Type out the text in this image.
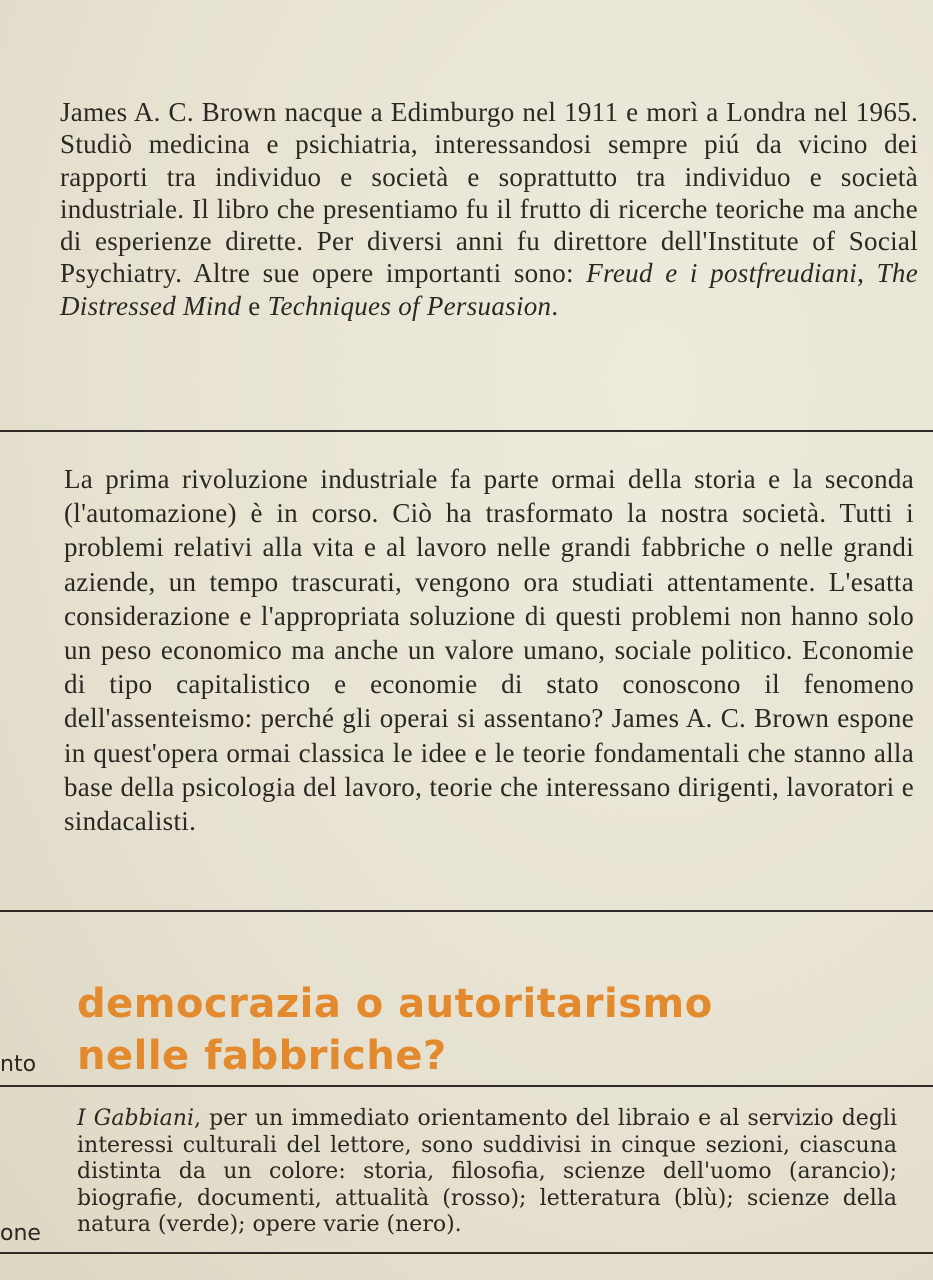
James A. C. Brown nacque a Edimburgo nel 1911 e morì a Londra nel 1965. Studiò medicina e psichiatria, interessandosi sempre piú da vicino dei rapporti tra individuo e società e soprattutto tra individuo e società industriale. Il libro che presentiamo fu il frutto di ricerche teoriche ma anche di esperienze dirette. Per diversi anni fu direttore dell'Institute of Social Psychiatry. Altre sue opere importanti sono: Freud e i postfreudiani, The Distressed Mind e Techniques of Persuasion.

La prima rivoluzione industriale fa parte ormai della storia e la seconda (l'automazione) è in corso. Ciò ha trasformato la nostra società. Tutti i problemi relativi alla vita e al lavoro nelle grandi fabbriche o nelle grandi aziende, un tempo trascurati, vengono ora studiati attentamente. L'esatta considerazione e l'appropriata soluzione di questi problemi non hanno solo un peso economico ma anche un valore umano, sociale politico. Economie di tipo capitalistico e economie di stato conoscono il fenomeno dell'assenteismo: perché gli operai si assentano? James A. C. Brown espone in quest'opera ormai classica le idee e le teorie fondamentali che stanno alla base della psicologia del lavoro, teorie che interessano dirigenti, lavoratori e sindacalisti.

democrazia o autoritarismo
nelle fabbriche?
nto

I Gabbiani, per un immediato orientamento del libraio e al servizio degli interessi culturali del lettore, sono suddivisi in cinque sezioni, ciascuna distinta da un colore: storia, filosofia, scienze dell'uomo (arancio); biografie, documenti, attualità (rosso); letteratura (blù); scienze della natura (verde); opere varie (nero).

one
